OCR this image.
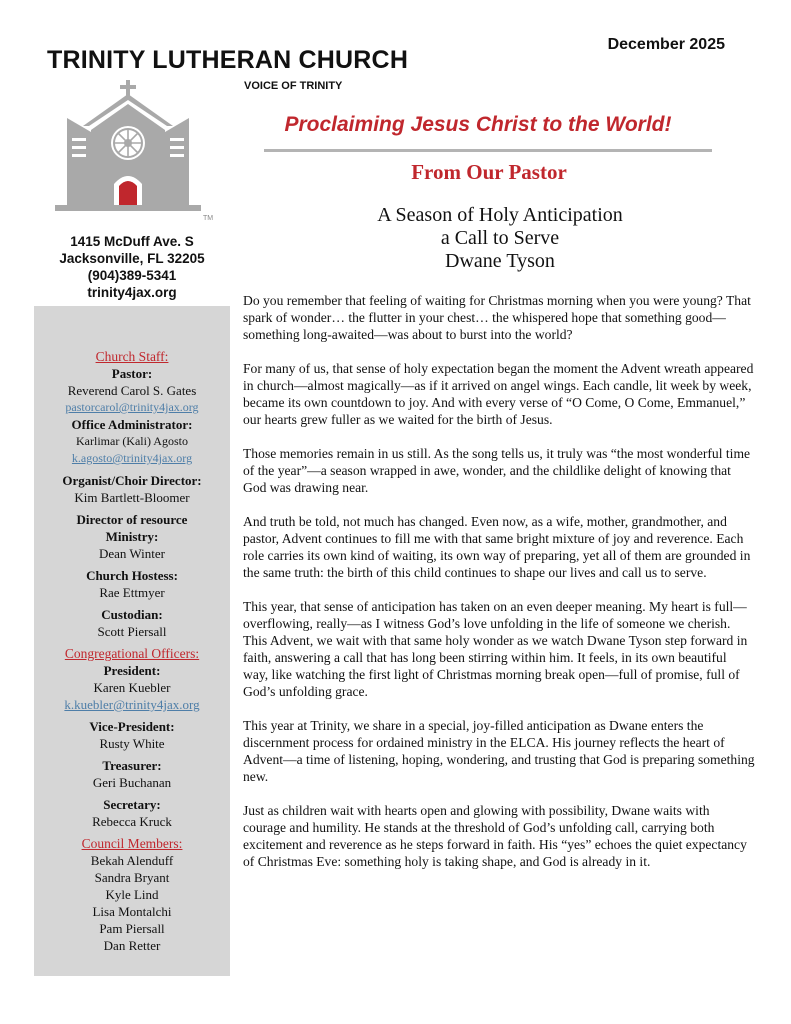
TRINITY LUTHERAN CHURCH
December 2025
VOICE OF TRINITY
TM
1415 McDuff Ave. S
Jacksonville, FL 32205
(904)389-5341
trinity4jax.org
Proclaiming Jesus Christ to the World!
From Our Pastor
A Season of Holy Anticipation
a Call to Serve
Dwane Tyson

Do you remember that feeling of waiting for Christmas morning when you were young? That spark of wonder… the flutter in your chest… the whispered hope that something good—something long-awaited—was about to burst into the world?

For many of us, that sense of holy expectation began the moment the Advent wreath appeared in church—almost magically—as if it arrived on angel wings. Each candle, lit week by week, became its own countdown to joy. And with every verse of “O Come, O Come, Emmanuel,” our hearts grew fuller as we waited for the birth of Jesus.

Those memories remain in us still. As the song tells us, it truly was “the most wonderful time of the year”—a season wrapped in awe, wonder, and the childlike delight of knowing that God was drawing near.

And truth be told, not much has changed. Even now, as a wife, mother, grandmother, and pastor, Advent continues to fill me with that same bright mixture of joy and reverence. Each role carries its own kind of waiting, its own way of preparing, yet all of them are grounded in the same truth: the birth of this child continues to shape our lives and call us to serve.

This year, that sense of anticipation has taken on an even deeper meaning. My heart is full—overflowing, really—as I witness God’s love unfolding in the life of someone we cherish. This Advent, we wait with that same holy wonder as we watch Dwane Tyson step forward in faith, answering a call that has long been stirring within him. It feels, in its own beautiful way, like watching the first light of Christmas morning break open—full of promise, full of God’s unfolding grace.

This year at Trinity, we share in a special, joy-filled anticipation as Dwane enters the discernment process for ordained ministry in the ELCA. His journey reflects the heart of Advent—a time of listening, hoping, wondering, and trusting that God is preparing something new.

Just as children wait with hearts open and glowing with possibility, Dwane waits with courage and humility. He stands at the threshold of God’s unfolding call, carrying both excitement and reverence as he steps forward in faith. His “yes” echoes the quiet expectancy of Christmas Eve: something holy is taking shape, and God is already in it.

Church Staff:
Pastor:
Reverend Carol S. Gates
pastorcarol@trinity4jax.org
Office Administrator:
Karlimar (Kali) Agosto
k.agosto@trinity4jax.org
Organist/Choir Director:
Kim Bartlett-Bloomer
Director of resource
Ministry:
Dean Winter
Church Hostess:
Rae Ettmyer
Custodian:
Scott Piersall
Congregational Officers:
President:
Karen Kuebler
k.kuebler@trinity4jax.org
Vice-President:
Rusty White
Treasurer:
Geri Buchanan
Secretary:
Rebecca Kruck
Council Members:
Bekah Alenduff
Sandra Bryant
Kyle Lind
Lisa Montalchi
Pam Piersall
Dan Retter
